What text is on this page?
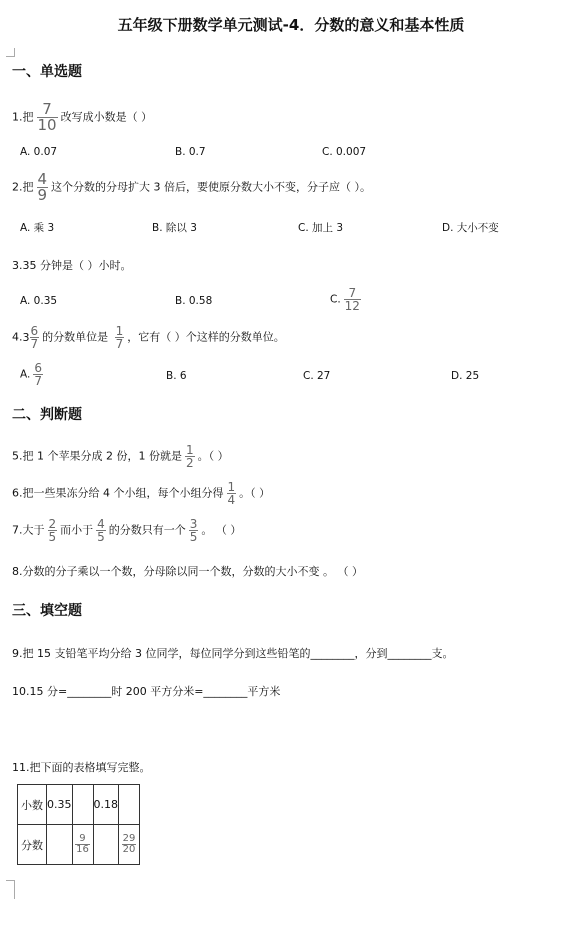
五年级下册数学单元测试-4．分数的意义和基本性质
一、单选题
1.把 $\frac{7}{10}$ 改写成小数是（ ）
A. 0.07	B. 0.7	C. 0.007
2.把 $\frac{4}{9}$ 这个分数的分母扩大 3 倍后，要使原分数大小不变，分子应（ ）。
A. 乘 3	B. 除以 3	C. 加上 3	D. 大小不变
3.35 分钟是（ ）小时。
A. 0.35	B. 0.58	C. $\frac{7}{12}$
$4.3 \frac{6}{7}$ 的分数单位是 $\frac{1}{7}$ ，它有（ ）个这样的分数单位。
A. $\frac{6}{7}$	B. 6	C. 27	D. 25
二、判断题
5.把 1 个苹果分成 2 份，1 份就是 $\frac{1}{2}$ 。（ ）
6.把一些果冻分给 4 个小组，每个小组分得 $\frac{1}{4}$ 。（ ）
7.大于 $\frac{2}{5}$ 而小于 $\frac{4}{5}$ 的分数只有一个 $\frac{3}{5}$ 。 （ ）
8.分数的分子乘以一个数，分母除以同一个数，分数的大小不变 。 （ ）
三、填空题
9.把 15 支铅笔平均分给 3 位同学，每位同学分到这些铅笔的________，分到________支。
10.15 分=________时 200 平方分米=________平方米
11.把下面的表格填写完整。
小数	0.35		0.18	
分数		$\frac{9}{16}$		$\frac{29}{20}$
